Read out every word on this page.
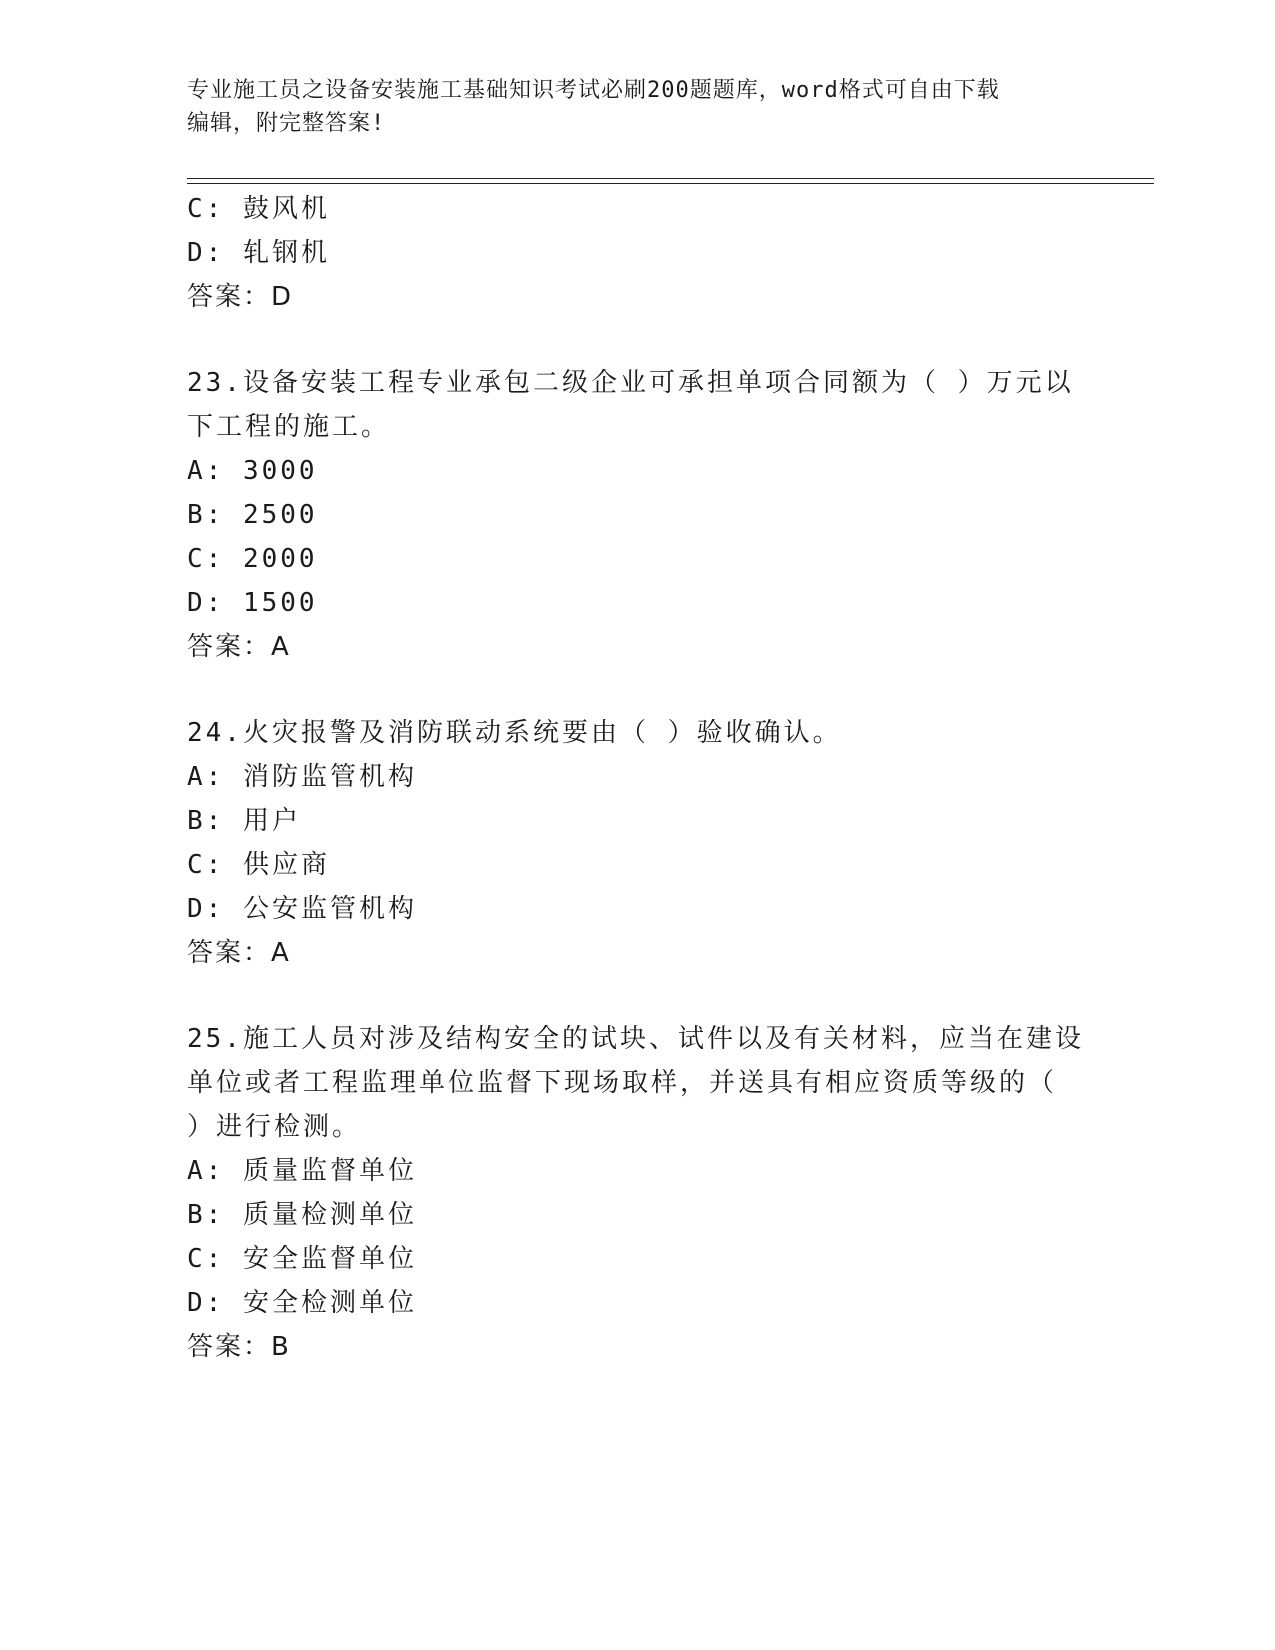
专业施工员之设备安装施工基础知识考试必刷200题题库，word格式可自由下载
编辑，附完整答案!
C: 鼓风机
D: 轧钢机
答案：D
23.设备安装工程专业承包二级企业可承担单项合同额为（ ）万元以
下工程的施工。
A: 3000
B: 2500
C: 2000
D: 1500
答案：A
24.火灾报警及消防联动系统要由（ ）验收确认。
A: 消防监管机构
B: 用户
C: 供应商
D: 公安监管机构
答案：A
25.施工人员对涉及结构安全的试块、试件以及有关材料，应当在建设
单位或者工程监理单位监督下现场取样，并送具有相应资质等级的（
）进行检测。
A: 质量监督单位
B: 质量检测单位
C: 安全监督单位
D: 安全检测单位
答案：B
